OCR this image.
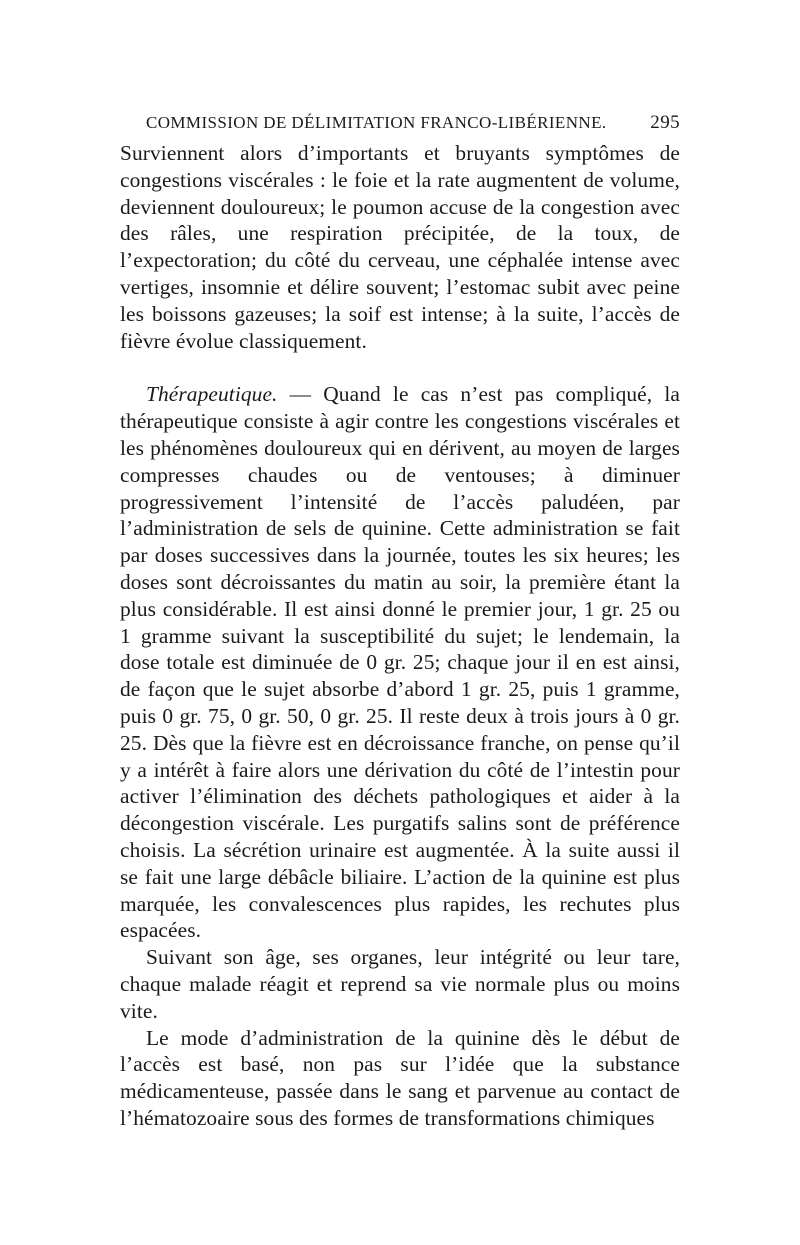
COMMISSION DE DÉLIMITATION FRANCO-LIBÉRIENNE. 295

Surviennent alors d’importants et bruyants symptômes de congestions viscérales : le foie et la rate augmentent de volume, deviennent douloureux; le poumon accuse de la congestion avec des râles, une respiration précipitée, de la toux, de l’expectoration; du côté du cerveau, une céphalée intense avec vertiges, insomnie et délire souvent; l’estomac subit avec peine les boissons gazeuses; la soif est intense; à la suite, l’accès de fièvre évolue classiquement.

Thérapeutique. — Quand le cas n’est pas compliqué, la thérapeutique consiste à agir contre les congestions viscérales et les phénomènes douloureux qui en dérivent, au moyen de larges compresses chaudes ou de ventouses; à diminuer progressivement l’intensité de l’accès paludéen, par l’administration de sels de quinine. Cette administration se fait par doses successives dans la journée, toutes les six heures; les doses sont décroissantes du matin au soir, la première étant la plus considérable. Il est ainsi donné le premier jour, 1 gr. 25 ou 1 gramme suivant la susceptibilité du sujet; le lendemain, la dose totale est diminuée de 0 gr. 25; chaque jour il en est ainsi, de façon que le sujet absorbe d’abord 1 gr. 25, puis 1 gramme, puis 0 gr. 75, 0 gr. 50, 0 gr. 25. Il reste deux à trois jours à 0 gr. 25. Dès que la fièvre est en décroissance franche, on pense qu’il y a intérêt à faire alors une dérivation du côté de l’intestin pour activer l’élimination des déchets pathologiques et aider à la décongestion viscérale. Les purgatifs salins sont de préférence choisis. La sécrétion urinaire est augmentée. À la suite aussi il se fait une large débâcle biliaire. L’action de la quinine est plus marquée, les convalescences plus rapides, les rechutes plus espacées.

Suivant son âge, ses organes, leur intégrité ou leur tare, chaque malade réagit et reprend sa vie normale plus ou moins vite.

Le mode d’administration de la quinine dès le début de l’accès est basé, non pas sur l’idée que la substance médicamenteuse, passée dans le sang et parvenue au contact de l’hématozoaire sous des formes de transformations chimiques
